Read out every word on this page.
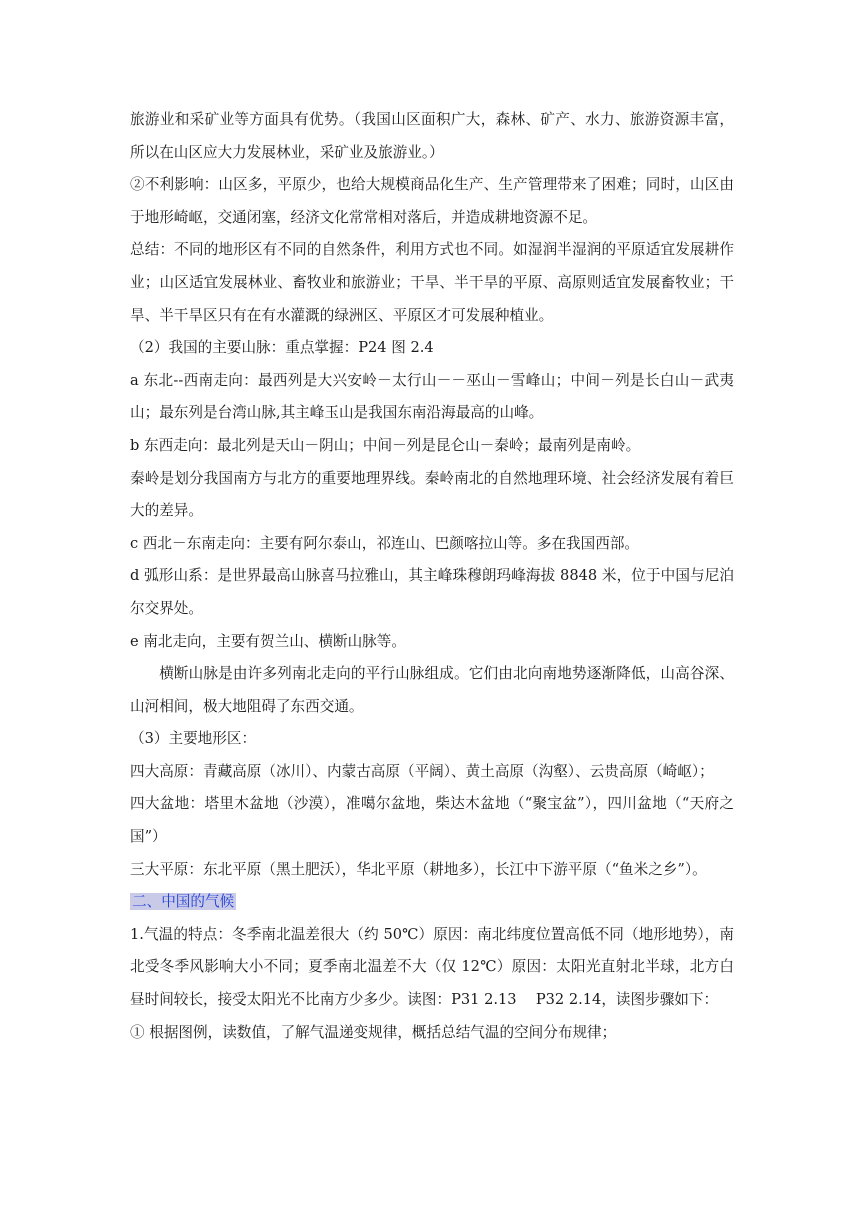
旅游业和采矿业等方面具有优势。（我国山区面积广大，森林、矿产、水力、旅游资源丰富，所以在山区应大力发展林业，采矿业及旅游业。）

②不利影响：山区多，平原少，也给大规模商品化生产、生产管理带来了困难；同时，山区由于地形崎岖，交通闭塞，经济文化常常相对落后，并造成耕地资源不足。

总结：不同的地形区有不同的自然条件，利用方式也不同。如湿润半湿润的平原适宜发展耕作业；山区适宜发展林业、畜牧业和旅游业；干旱、半干旱的平原、高原则适宜发展畜牧业；干旱、半干旱区只有在有水灌溉的绿洲区、平原区才可发展种植业。

（2）我国的主要山脉：重点掌握：P24 图 2.4

a 东北--西南走向：最西列是大兴安岭－太行山－－巫山－雪峰山；中间－列是长白山－武夷山；最东列是台湾山脉,其主峰玉山是我国东南沿海最高的山峰。

b 东西走向：最北列是天山－阴山；中间－列是昆仑山－秦岭；最南列是南岭。

秦岭是划分我国南方与北方的重要地理界线。秦岭南北的自然地理环境、社会经济发展有着巨大的差异。

c 西北－东南走向：主要有阿尔泰山，祁连山、巴颜喀拉山等。多在我国西部。

d 弧形山系：是世界最高山脉喜马拉雅山，其主峰珠穆朗玛峰海拔 8848 米，位于中国与尼泊尔交界处。

e 南北走向，主要有贺兰山、横断山脉等。

横断山脉是由许多列南北走向的平行山脉组成。它们由北向南地势逐渐降低，山高谷深、山河相间，极大地阻碍了东西交通。

（3）主要地形区：

四大高原：青藏高原（冰川）、内蒙古高原（平阔）、黄土高原（沟壑）、云贵高原（崎岖）；

四大盆地：塔里木盆地（沙漠），准噶尔盆地，柴达木盆地（“聚宝盆”），四川盆地（“天府之国”）

三大平原：东北平原（黑土肥沃），华北平原（耕地多），长江中下游平原（“鱼米之乡”）。

二、中国的气候

1.气温的特点：冬季南北温差很大（约 50℃）原因：南北纬度位置高低不同（地形地势），南北受冬季风影响大小不同；夏季南北温差不大（仅 12℃）原因：太阳光直射北半球，北方白昼时间较长，接受太阳光不比南方少多少。读图：P31 2.13　 P32 2.14，读图步骤如下：

① 根据图例，读数值，了解气温递变规律，概括总结气温的空间分布规律；
